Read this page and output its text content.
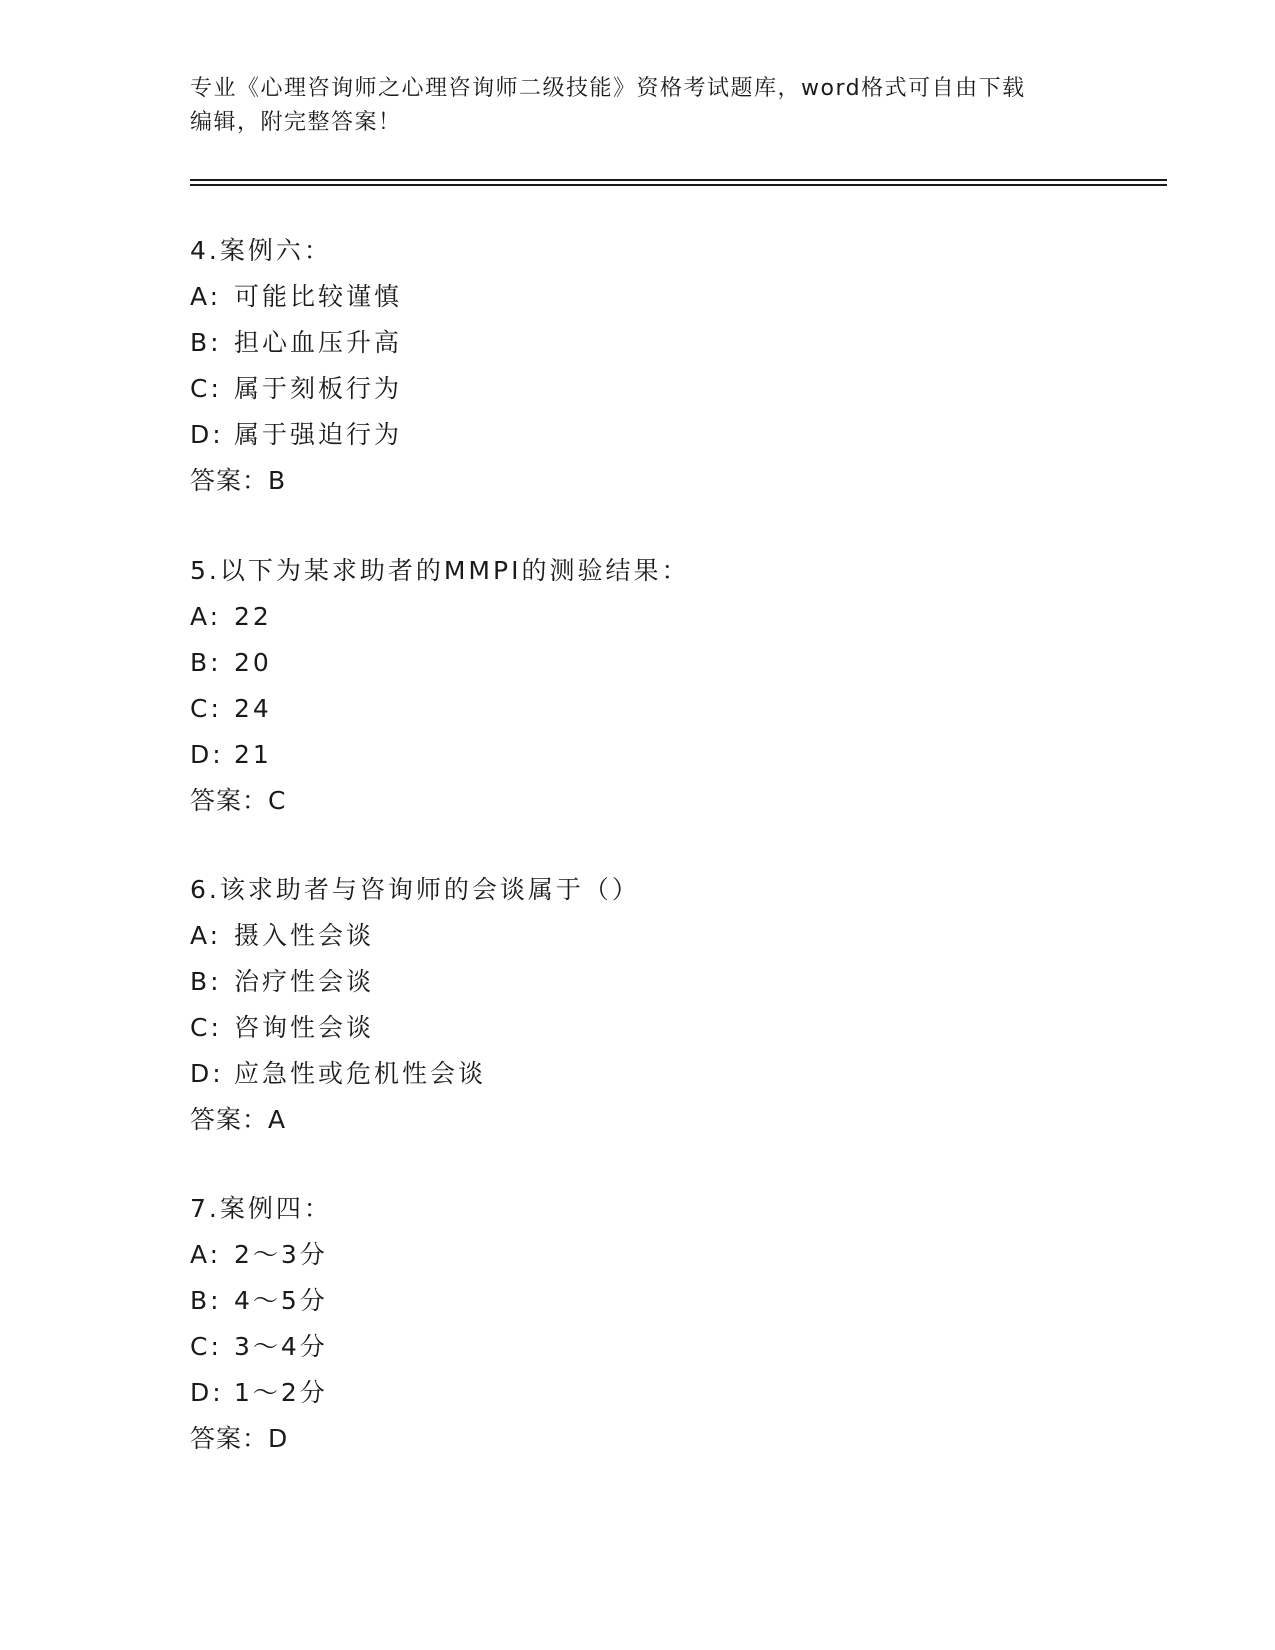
专业《心理咨询师之心理咨询师二级技能》资格考试题库，word格式可自由下载
编辑，附完整答案！
4.案例六：
A: 可能比较谨慎
B: 担心血压升高
C: 属于刻板行为
D: 属于强迫行为
答案：B
5.以下为某求助者的MMPI的测验结果：
A: 22
B: 20
C: 24
D: 21
答案：C
6.该求助者与咨询师的会谈属于（）
A: 摄入性会谈
B: 治疗性会谈
C: 咨询性会谈
D: 应急性或危机性会谈
答案：A
7.案例四：
A: 2～3分
B: 4～5分
C: 3～4分
D: 1～2分
答案：D
